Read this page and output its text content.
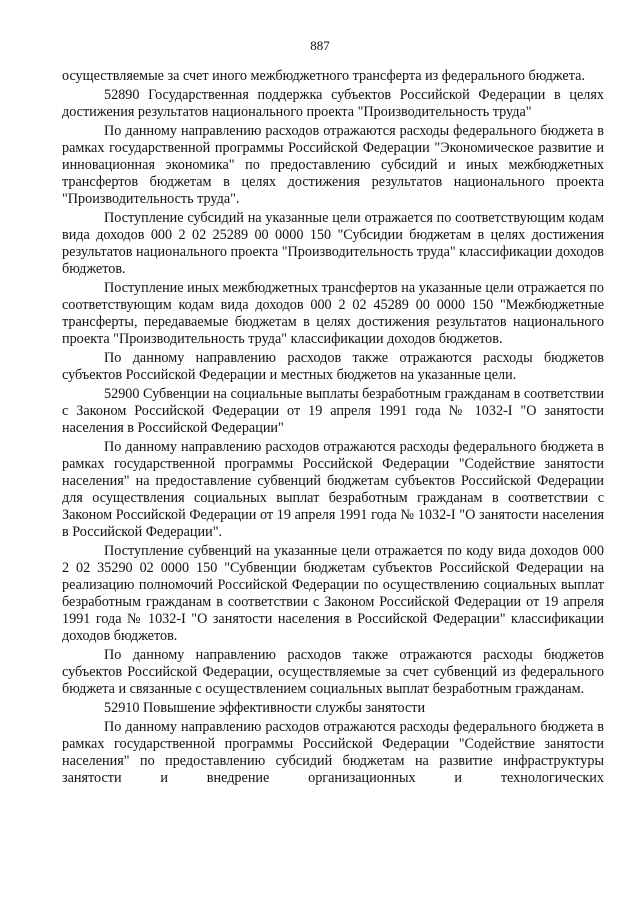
887

осуществляемые за счет иного межбюджетного трансферта из федерального бюджета.

52890 Государственная поддержка субъектов Российской Федерации в целях достижения результатов национального проекта "Производительность труда"

По данному направлению расходов отражаются расходы федерального бюджета в рамках государственной программы Российской Федерации "Экономическое развитие и инновационная экономика" по предоставлению субсидий и иных межбюджетных трансфертов бюджетам в целях достижения результатов национального проекта "Производительность труда".

Поступление субсидий на указанные цели отражается по соответствующим кодам вида доходов 000 2 02 25289 00 0000 150 "Субсидии бюджетам в целях достижения результатов национального проекта "Производительность труда" классификации доходов бюджетов.

Поступление иных межбюджетных трансфертов на указанные цели отражается по соответствующим кодам вида доходов 000 2 02 45289 00 0000 150 "Межбюджетные трансферты, передаваемые бюджетам в целях достижения результатов национального проекта "Производительность труда" классификации доходов бюджетов.

По данному направлению расходов также отражаются расходы бюджетов субъектов Российской Федерации и местных бюджетов на указанные цели.

52900 Субвенции на социальные выплаты безработным гражданам в соответствии с Законом Российской Федерации от 19 апреля 1991 года № 1032-I "О занятости населения в Российской Федерации"

По данному направлению расходов отражаются расходы федерального бюджета в рамках государственной программы Российской Федерации "Содействие занятости населения" на предоставление субвенций бюджетам субъектов Российской Федерации для осуществления социальных выплат безработным гражданам в соответствии с Законом Российской Федерации от 19 апреля 1991 года № 1032-I "О занятости населения в Российской Федерации".

Поступление субвенций на указанные цели отражается по коду вида доходов 000 2 02 35290 02 0000 150 "Субвенции бюджетам субъектов Российской Федерации на реализацию полномочий Российской Федерации по осуществлению социальных выплат безработным гражданам в соответствии с Законом Российской Федерации от 19 апреля 1991 года № 1032-I "О занятости населения в Российской Федерации" классификации доходов бюджетов.

По данному направлению расходов также отражаются расходы бюджетов субъектов Российской Федерации, осуществляемые за счет субвенций из федерального бюджета и связанные с осуществлением социальных выплат безработным гражданам.

52910 Повышение эффективности службы занятости

По данному направлению расходов отражаются расходы федерального бюджета в рамках государственной программы Российской Федерации "Содействие занятости населения" по предоставлению субсидий бюджетам на развитие инфраструктуры занятости и внедрение организационных и технологических
